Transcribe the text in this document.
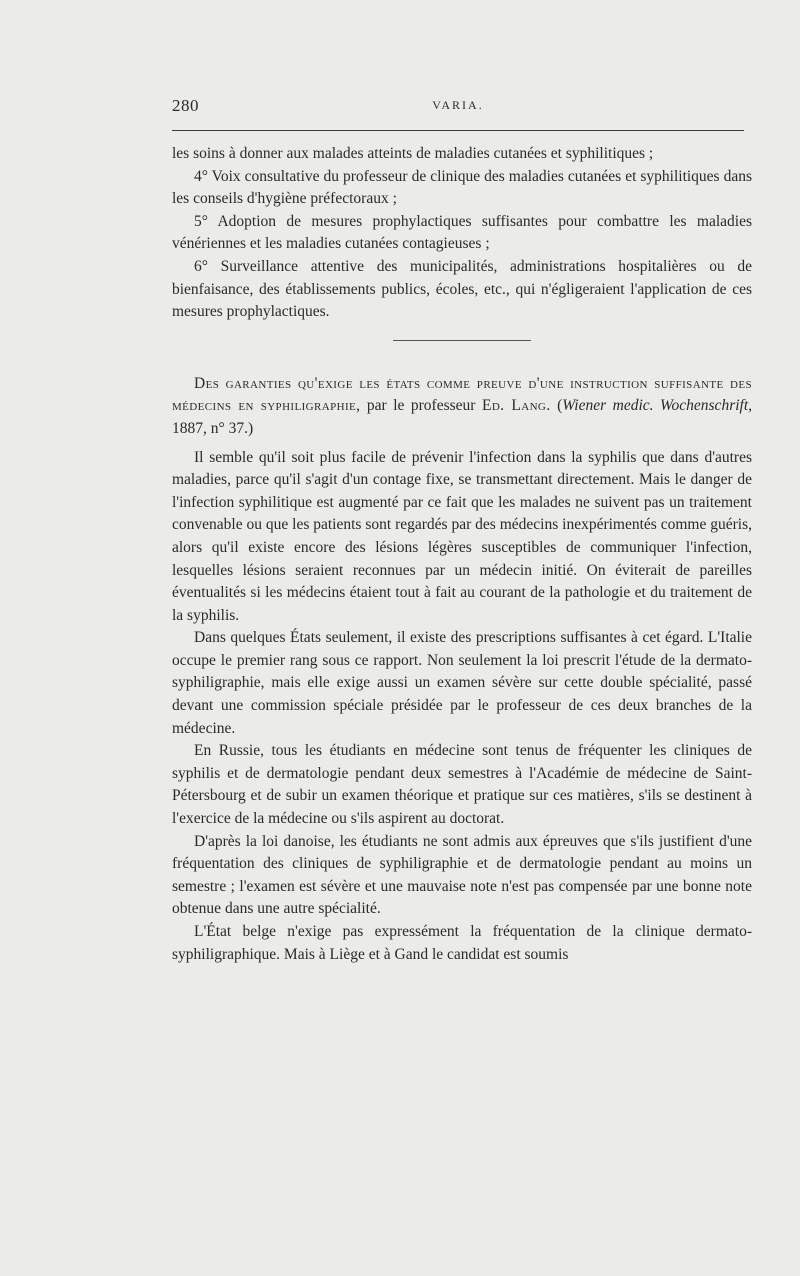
280	VARIA.

les soins à donner aux malades atteints de maladies cutanées et syphilitiques ;

4° Voix consultative du professeur de clinique des maladies cutanées et syphilitiques dans les conseils d'hygiène préfectoraux ;

5° Adoption de mesures prophylactiques suffisantes pour combattre les maladies vénériennes et les maladies cutanées contagieuses ;

6° Surveillance attentive des municipalités, administrations hospitalières ou de bienfaisance, des établissements publics, écoles, etc., qui n'égligeraient l'application de ces mesures prophylactiques.

Des garanties qu'exige les états comme preuve d'une instruction suffisante des médecins en syphiligraphie, par le professeur Ed. Lang. (Wiener medic. Wochenschrift, 1887, n° 37.)

Il semble qu'il soit plus facile de prévenir l'infection dans la syphilis que dans d'autres maladies, parce qu'il s'agit d'un contage fixe, se transmettant directement. Mais le danger de l'infection syphilitique est augmenté par ce fait que les malades ne suivent pas un traitement convenable ou que les patients sont regardés par des médecins inexpérimentés comme guéris, alors qu'il existe encore des lésions légères susceptibles de communiquer l'infection, lesquelles lésions seraient reconnues par un médecin initié. On éviterait de pareilles éventualités si les médecins étaient tout à fait au courant de la pathologie et du traitement de la syphilis.

Dans quelques États seulement, il existe des prescriptions suffisantes à cet égard. L'Italie occupe le premier rang sous ce rapport. Non seulement la loi prescrit l'étude de la dermato-syphiligraphie, mais elle exige aussi un examen sévère sur cette double spécialité, passé devant une commission spéciale présidée par le professeur de ces deux branches de la médecine.

En Russie, tous les étudiants en médecine sont tenus de fréquenter les cliniques de syphilis et de dermatologie pendant deux semestres à l'Académie de médecine de Saint-Pétersbourg et de subir un examen théorique et pratique sur ces matières, s'ils se destinent à l'exercice de la médecine ou s'ils aspirent au doctorat.

D'après la loi danoise, les étudiants ne sont admis aux épreuves que s'ils justifient d'une fréquentation des cliniques de syphiligraphie et de dermatologie pendant au moins un semestre ; l'examen est sévère et une mauvaise note n'est pas compensée par une bonne note obtenue dans une autre spécialité.

L'État belge n'exige pas expressément la fréquentation de la clinique dermato-syphiligraphique. Mais à Liège et à Gand le candidat est soumis
